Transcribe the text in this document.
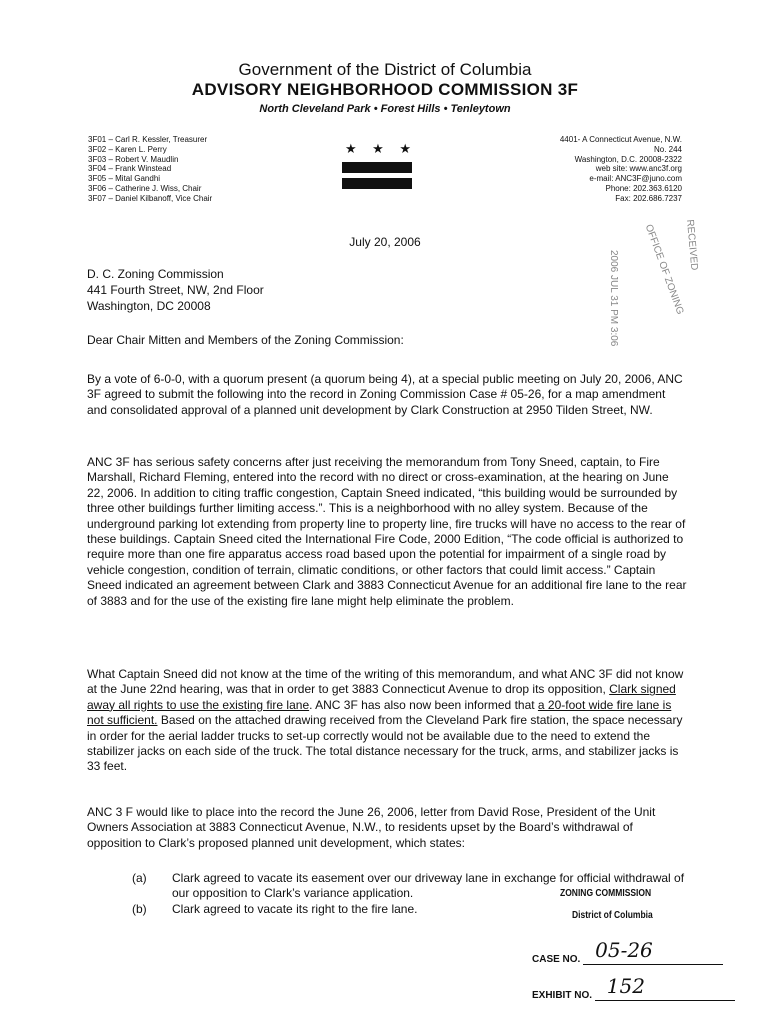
Government of the District of Columbia
ADVISORY NEIGHBORHOOD COMMISSION 3F
North Cleveland Park • Forest Hills • Tenleytown
3F01 – Carl R. Kessler, Treasurer
3F02 – Karen L. Perry
3F03 – Robert V. Maudlin
3F04 – Frank Winstead
3F05 – Mital Gandhi
3F06 – Catherine J. Wiss, Chair
3F07 – Daniel Kilbanoff, Vice Chair
★ ★ ★
4401- A Connecticut Avenue, N.W.
No. 244
Washington, D.C. 20008-2322
web site: www.anc3f.org
e-mail: ANC3F@juno.com
Phone: 202.363.6120
Fax: 202.686.7237
July 20, 2006
2006 JUL 31 PM 3:06 OFFICE OF ZONING
RECEIVED
D. C. Zoning Commission
441 Fourth Street, NW, 2nd Floor
Washington, DC 20008
Dear Chair Mitten and Members of the Zoning Commission:
By a vote of 6-0-0, with a quorum present (a quorum being 4), at a special public meeting on July 20, 2006, ANC 3F agreed to submit the following into the record in Zoning Commission Case # 05-26, for a map amendment and consolidated approval of a planned unit development by Clark Construction at 2950 Tilden Street, NW.
ANC 3F has serious safety concerns after just receiving the memorandum from Tony Sneed, captain, to Fire Marshall, Richard Fleming, entered into the record with no direct or cross-examination, at the hearing on June 22, 2006. In addition to citing traffic congestion, Captain Sneed indicated, “this building would be surrounded by three other buildings further limiting access.”. This is a neighborhood with no alley system. Because of the underground parking lot extending from property line to property line, fire trucks will have no access to the rear of these buildings. Captain Sneed cited the International Fire Code, 2000 Edition, “The code official is authorized to require more than one fire apparatus access road based upon the potential for impairment of a single road by vehicle congestion, condition of terrain, climatic conditions, or other factors that could limit access.” Captain Sneed indicated an agreement between Clark and 3883 Connecticut Avenue for an additional fire lane to the rear of 3883 and for the use of the existing fire lane might help eliminate the problem.
What Captain Sneed did not know at the time of the writing of this memorandum, and what ANC 3F did not know at the June 22nd hearing, was that in order to get 3883 Connecticut Avenue to drop its opposition, Clark signed away all rights to use the existing fire lane. ANC 3F has also now been informed that a 20-foot wide fire lane is not sufficient. Based on the attached drawing received from the Cleveland Park fire station, the space necessary in order for the aerial ladder trucks to set-up correctly would not be available due to the need to extend the stabilizer jacks on each side of the truck. The total distance necessary for the truck, arms, and stabilizer jacks is 33 feet.
ANC 3 F would like to place into the record the June 26, 2006, letter from David Rose, President of the Unit Owners Association at 3883 Connecticut Avenue, N.W., to residents upset by the Board’s withdrawal of opposition to Clark’s proposed planned unit development, which states:
(a) Clark agreed to vacate its easement over our driveway lane in exchange for official withdrawal of our opposition to Clark’s variance application.
(b) Clark agreed to vacate its right to the fire lane.
ZONING COMMISSION
District of Columbia
CASE NO. 05-26
EXHIBIT NO. 152
